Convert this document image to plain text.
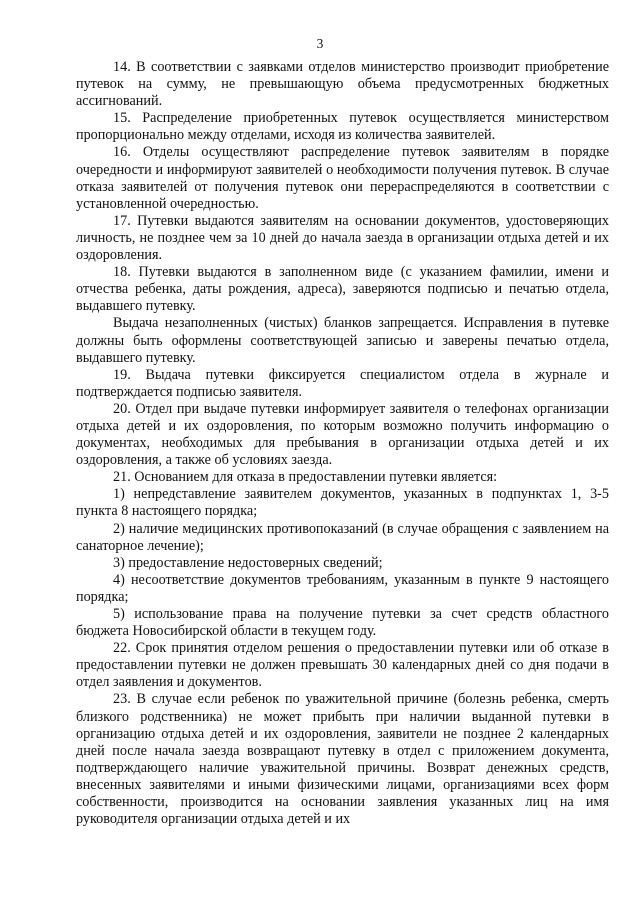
3

14. В соответствии с заявками отделов министерство производит приобретение путевок на сумму, не превышающую объема предусмотренных бюджетных ассигнований.

15. Распределение приобретенных путевок осуществляется министерством пропорционально между отделами, исходя из количества заявителей.

16. Отделы осуществляют распределение путевок заявителям в порядке очередности и информируют заявителей о необходимости получения путевок. В случае отказа заявителей от получения путевок они перераспределяются в соответствии с установленной очередностью.

17. Путевки выдаются заявителям на основании документов, удостоверяющих личность, не позднее чем за 10 дней до начала заезда в организации отдыха детей и их оздоровления.

18. Путевки выдаются в заполненном виде (с указанием фамилии, имени и отчества ребенка, даты рождения, адреса), заверяются подписью и печатью отдела, выдавшего путевку.

Выдача незаполненных (чистых) бланков запрещается. Исправления в путевке должны быть оформлены соответствующей записью и заверены печатью отдела, выдавшего путевку.

19. Выдача путевки фиксируется специалистом отдела в журнале и подтверждается подписью заявителя.

20. Отдел при выдаче путевки информирует заявителя о телефонах организации отдыха детей и их оздоровления, по которым возможно получить информацию о документах, необходимых для пребывания в организации отдыха детей и их оздоровления, а также об условиях заезда.

21. Основанием для отказа в предоставлении путевки является:

1) непредставление заявителем документов, указанных в подпунктах 1, 3-5 пункта 8 настоящего порядка;

2) наличие медицинских противопоказаний (в случае обращения с заявлением на санаторное лечение);

3) предоставление недостоверных сведений;

4) несоответствие документов требованиям, указанным в пункте 9 настоящего порядка;

5) использование права на получение путевки за счет средств областного бюджета Новосибирской области в текущем году.

22. Срок принятия отделом решения о предоставлении путевки или об отказе в предоставлении путевки не должен превышать 30 календарных дней со дня подачи в отдел заявления и документов.

23. В случае если ребенок по уважительной причине (болезнь ребенка, смерть близкого родственника) не может прибыть при наличии выданной путевки в организацию отдыха детей и их оздоровления, заявители не позднее 2 календарных дней после начала заезда возвращают путевку в отдел с приложением документа, подтверждающего наличие уважительной причины. Возврат денежных средств, внесенных заявителями и иными физическими лицами, организациями всех форм собственности, производится на основании заявления указанных лиц на имя руководителя организации отдыха детей и их
